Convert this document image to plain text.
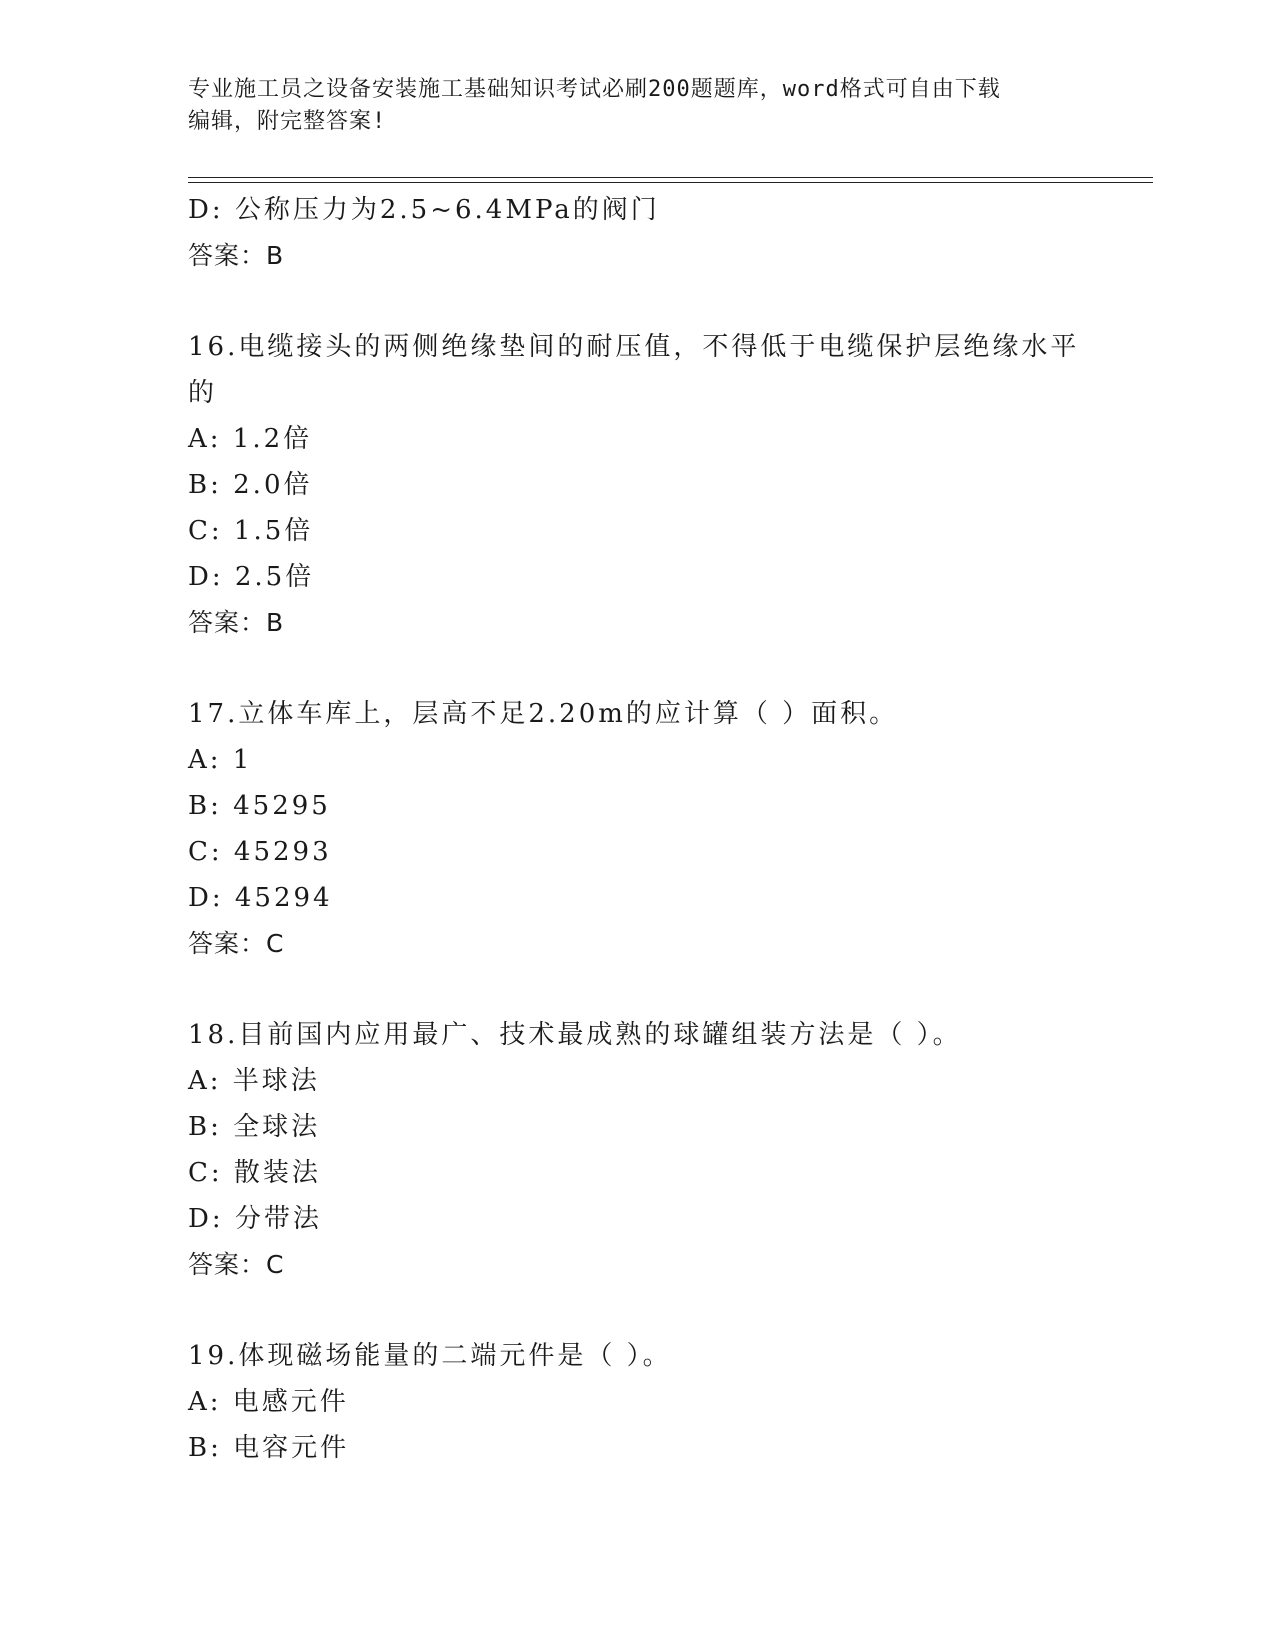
专业施工员之设备安装施工基础知识考试必刷200题题库，word格式可自由下载
编辑，附完整答案!
D: 公称压力为2.5~6.4MPa的阀门
答案：B
16.电缆接头的两侧绝缘垫间的耐压值，不得低于电缆保护层绝缘水平
的
A: 1.2倍
B: 2.0倍
C: 1.5倍
D: 2.5倍
答案：B
17.立体车库上，层高不足2.20m的应计算（ ）面积。
A: 1
B: 45295
C: 45293
D: 45294
答案：C
18.目前国内应用最广、技术最成熟的球罐组装方法是（ ）。
A: 半球法
B: 全球法
C: 散装法
D: 分带法
答案：C
19.体现磁场能量的二端元件是（ ）。
A: 电感元件
B: 电容元件
